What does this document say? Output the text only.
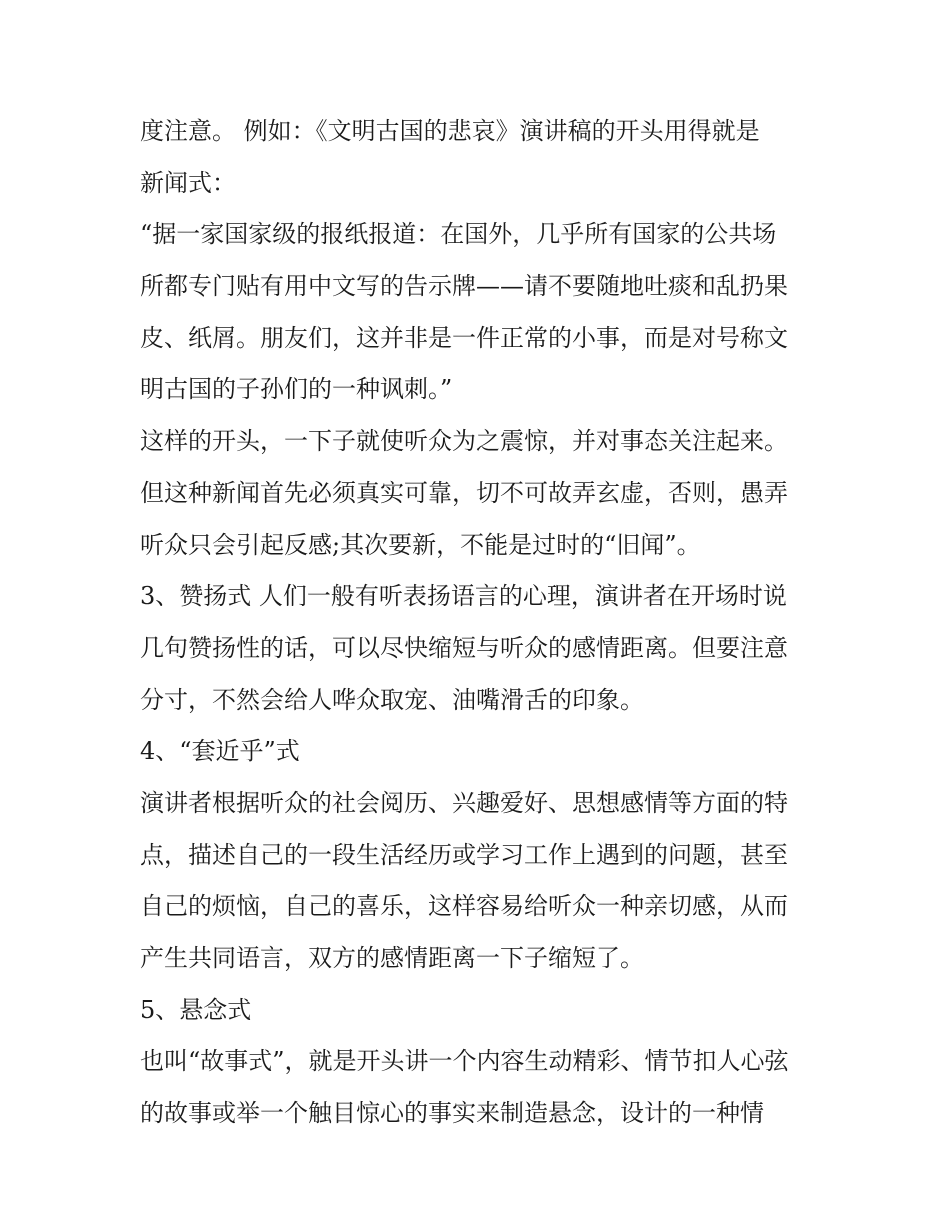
度注意。 例如：《文明古国的悲哀》演讲稿的开头用得就是
新闻式：
“据一家国家级的报纸报道：在国外，几乎所有国家的公共场
所都专门贴有用中文写的告示牌——请不要随地吐痰和乱扔果
皮、纸屑。朋友们，这并非是一件正常的小事，而是对号称文
明古国的子孙们的一种讽刺。”
这样的开头，一下子就使听众为之震惊，并对事态关注起来。
但这种新闻首先必须真实可靠，切不可故弄玄虚，否则，愚弄
听众只会引起反感;其次要新，不能是过时的“旧闻”。
3、赞扬式 人们一般有听表扬语言的心理，演讲者在开场时说
几句赞扬性的话，可以尽快缩短与听众的感情距离。但要注意
分寸，不然会给人哗众取宠、油嘴滑舌的印象。
4、“套近乎”式
演讲者根据听众的社会阅历、兴趣爱好、思想感情等方面的特
点，描述自己的一段生活经历或学习工作上遇到的问题，甚至
自己的烦恼，自己的喜乐，这样容易给听众一种亲切感，从而
产生共同语言，双方的感情距离一下子缩短了。
5、悬念式
也叫“故事式”，就是开头讲一个内容生动精彩、情节扣人心弦
的故事或举一个触目惊心的事实来制造悬念，设计的一种情
